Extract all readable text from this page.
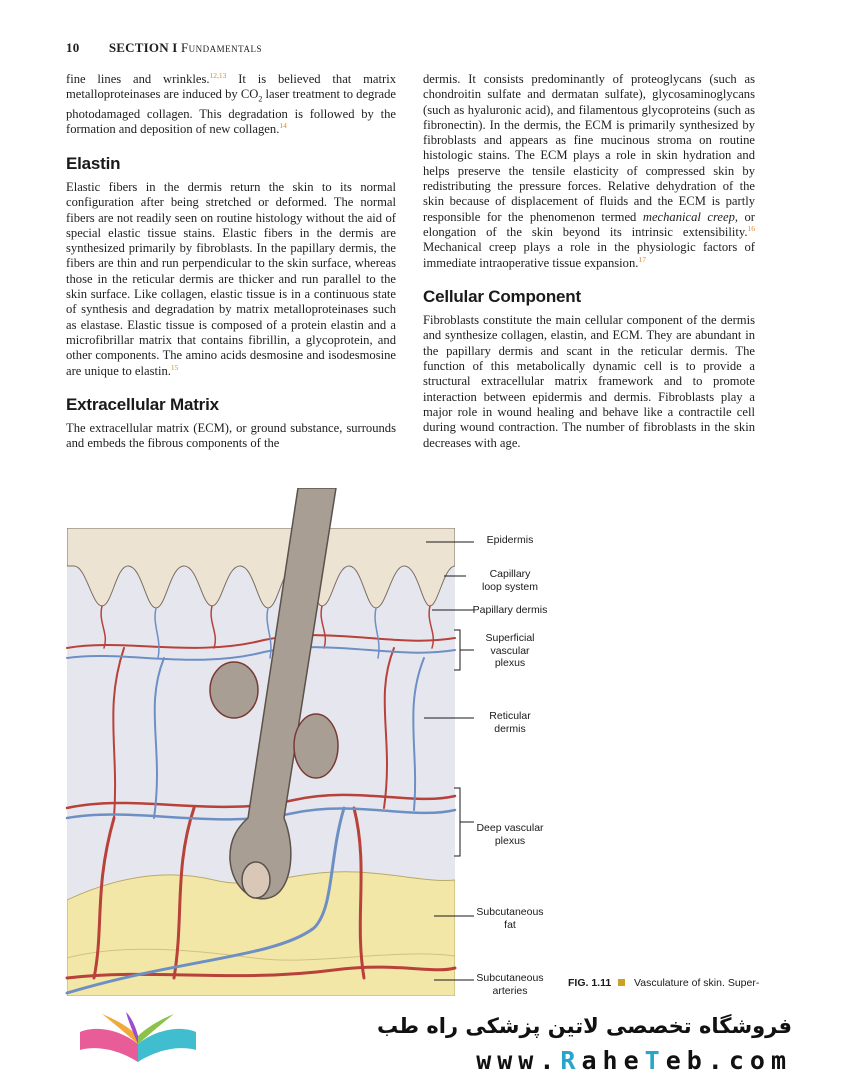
10 SECTION I Fundamentals

fine lines and wrinkles.$^{12,13}$ It is believed that matrix metalloproteinases are induced by $CO_2$ laser treatment to degrade photodamaged collagen. This degradation is followed by the formation and deposition of new collagen.$^{14}$

Elastin

Elastic fibers in the dermis return the skin to its normal configuration after being stretched or deformed. The normal fibers are not readily seen on routine histology without the aid of special elastic tissue stains. Elastic fibers in the dermis are synthesized primarily by fibroblasts. In the papillary dermis, the fibers are thin and run perpendicular to the skin surface, whereas those in the reticular dermis are thicker and run parallel to the skin surface. Like collagen, elastic tissue is in a continuous state of synthesis and degradation by matrix metalloproteinases such as elastase. Elastic tissue is composed of a protein elastin and a microfibrillar matrix that contains fibrillin, a glycoprotein, and other components. The amino acids desmosine and isodesmosine are unique to elastin.$^{15}$

Extracellular Matrix

The extracellular matrix (ECM), or ground substance, surrounds and embeds the fibrous components of the

dermis. It consists predominantly of proteoglycans (such as chondroitin sulfate and dermatan sulfate), glycosaminoglycans (such as hyaluronic acid), and filamentous glycoproteins (such as fibronectin). In the dermis, the ECM is primarily synthesized by fibroblasts and appears as fine mucinous stroma on routine histologic stains. The ECM plays a role in skin hydration and helps preserve the tensile elasticity of compressed skin by redistributing the pressure forces. Relative dehydration of the skin because of displacement of fluids and the ECM is partly responsible for the phenomenon termed mechanical creep, or elongation of the skin beyond its intrinsic extensibility.$^{16}$ Mechanical creep plays a role in the physiologic factors of immediate intraoperative tissue expansion.$^{17}$

Cellular Component

Fibroblasts constitute the main cellular component of the dermis and synthesize collagen, elastin, and ECM. They are abundant in the papillary dermis and scant in the reticular dermis. The function of this metabolically dynamic cell is to provide a structural extracellular matrix framework and to promote interaction between epidermis and dermis. Fibroblasts play a major role in wound healing and behave like a contractile cell during wound contraction. The number of fibroblasts in the skin decreases with age.

Epidermis
Capillary
loop system
Papillary dermis
Superficial
vascular
plexus
Reticular
dermis
Deep vascular
plexus
Subcutaneous
fat
Subcutaneous
arteries
FIG. 1.11 Vasculature of skin. Super-
فروشگاه تخصصی لاتین پزشکی راه طب
www.RaheTeb.com
